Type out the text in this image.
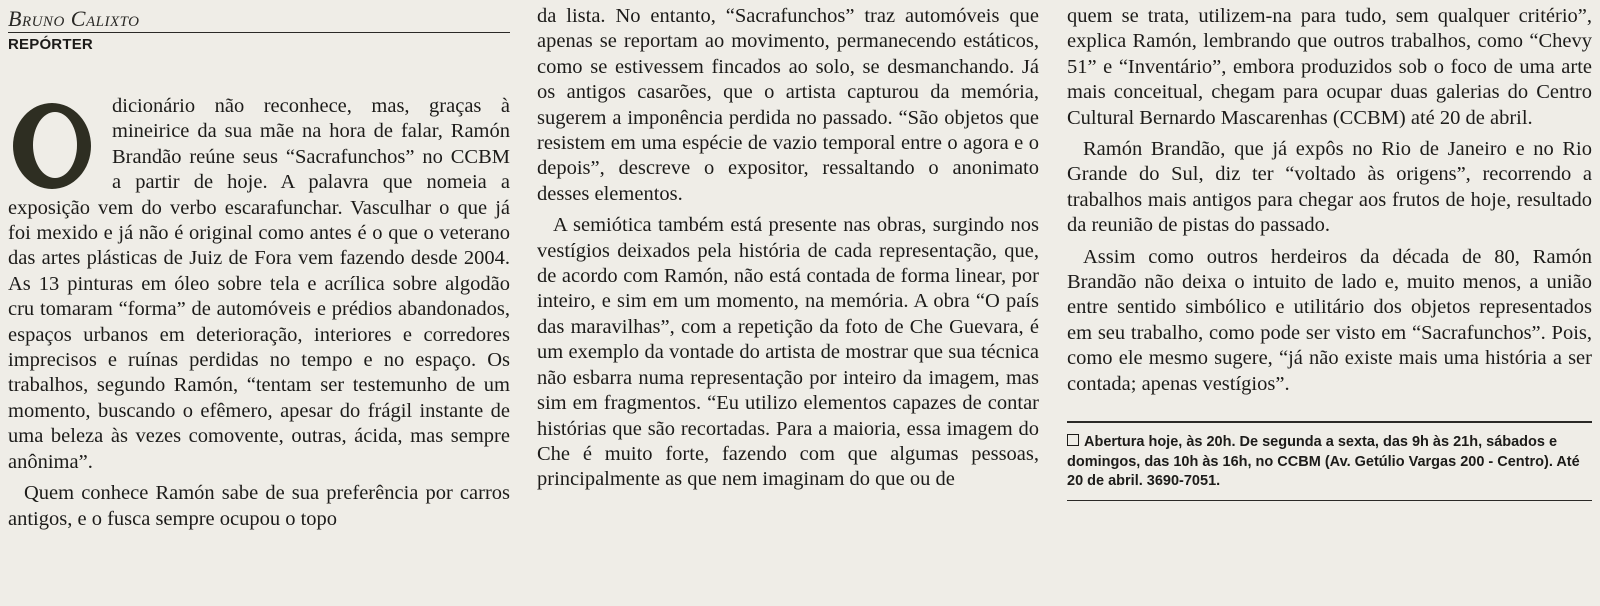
Bruno Calixto
REPÓRTER

dicionário não reconhece, mas, graças à mineirice da sua mãe na hora de falar, Ramón Brandão reúne seus “Sacrafunchos” no CCBM a partir de hoje. A palavra que nomeia a exposição vem do verbo escarafunchar. Vasculhar o que já foi mexido e já não é original como antes é o que o veterano das artes plásticas de Juiz de Fora vem fazendo desde 2004. As 13 pinturas em óleo sobre tela e acrílica sobre algodão cru tomaram “forma” de automóveis e prédios abandonados, espaços urbanos em deterioração, interiores e corredores imprecisos e ruínas perdidas no tempo e no espaço. Os trabalhos, segundo Ramón, “tentam ser testemunho de um momento, buscando o efêmero, apesar do frágil instante de uma beleza às vezes comovente, outras, ácida, mas sempre anônima”.

Quem conhece Ramón sabe de sua preferência por carros antigos, e o fusca sempre ocupou o topo

da lista. No entanto, “Sacrafunchos” traz automóveis que apenas se reportam ao movimento, permanecendo estáticos, como se estivessem fincados ao solo, se desmanchando. Já os antigos casarões, que o artista capturou da memória, sugerem a imponência perdida no passado. “São objetos que resistem em uma espécie de vazio temporal entre o agora e o depois”, descreve o expositor, ressaltando o anonimato desses elementos.

A semiótica também está presente nas obras, surgindo nos vestígios deixados pela história de cada representação, que, de acordo com Ramón, não está contada de forma linear, por inteiro, e sim em um momento, na memória. A obra “O país das maravilhas”, com a repetição da foto de Che Guevara, é um exemplo da vontade do artista de mostrar que sua técnica não esbarra numa representação por inteiro da imagem, mas sim em fragmentos. “Eu utilizo elementos capazes de contar histórias que são recortadas. Para a maioria, essa imagem do Che é muito forte, fazendo com que algumas pessoas, principalmente as que nem imaginam do que ou de

quem se trata, utilizem-na para tudo, sem qualquer critério”, explica Ramón, lembrando que outros trabalhos, como “Chevy 51” e “Inventário”, embora produzidos sob o foco de uma arte mais conceitual, chegam para ocupar duas galerias do Centro Cultural Bernardo Mascarenhas (CCBM) até 20 de abril.

Ramón Brandão, que já expôs no Rio de Janeiro e no Rio Grande do Sul, diz ter “voltado às origens”, recorrendo a trabalhos mais antigos para chegar aos frutos de hoje, resultado da reunião de pistas do passado.

Assim como outros herdeiros da década de 80, Ramón Brandão não deixa o intuito de lado e, muito menos, a união entre sentido simbólico e utilitário dos objetos representados em seu trabalho, como pode ser visto em “Sacrafunchos”. Pois, como ele mesmo sugere, “já não existe mais uma história a ser contada; apenas vestígios”.

Abertura hoje, às 20h. De segunda a sexta, das 9h às 21h, sábados e domingos, das 10h às 16h, no CCBM (Av. Getúlio Vargas 200 - Centro). Até 20 de abril. 3690-7051.
